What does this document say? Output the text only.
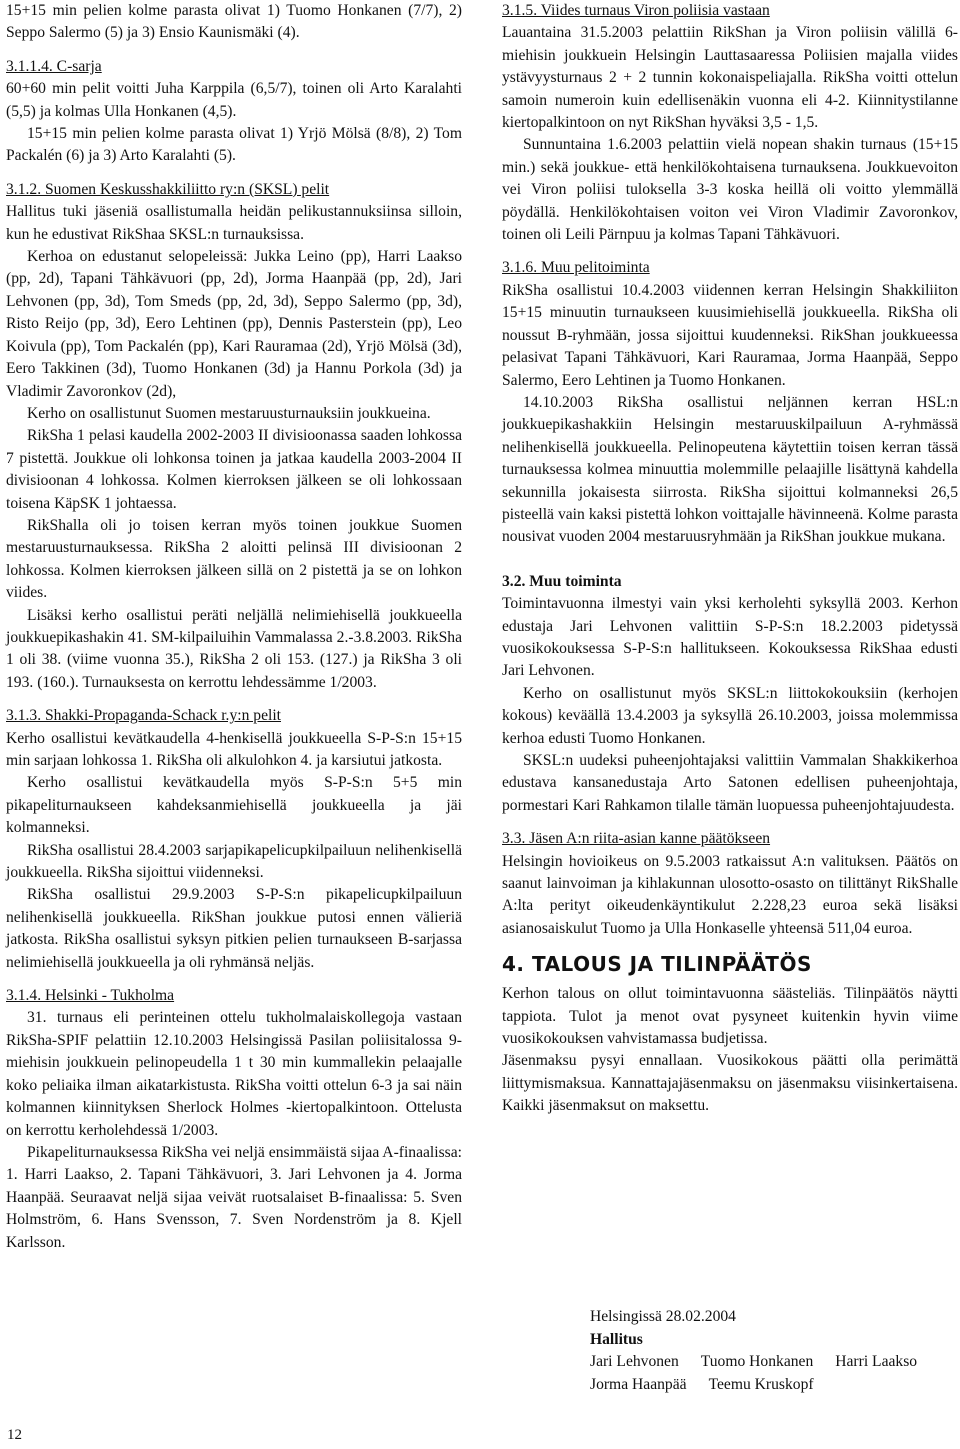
15+15 min pelien kolme parasta olivat 1) Tuomo Honkanen (7/7), 2) Seppo Salermo (5) ja 3) Ensio Kaunismäki (4).

3.1.1.4. C-sarja

60+60 min pelit voitti Juha Karppila (6,5/7), toinen oli Arto Karalahti (5,5) ja kolmas Ulla Honkanen (4,5).

15+15 min pelien kolme parasta olivat 1) Yrjö Mölsä (8/8), 2) Tom Packalén (6) ja 3) Arto Karalahti (5).

3.1.2. Suomen Keskusshakkiliitto ry:n (SKSL) pelit

Hallitus tuki jäseniä osallistumalla heidän pelikustannuksiinsa silloin, kun he edustivat RikShaa SKSL:n turnauksissa.

Kerhoa on edustanut selopeleissä: Jukka Leino (pp), Harri Laakso (pp, 2d), Tapani Tähkävuori (pp, 2d), Jorma Haanpää (pp, 2d), Jari Lehvonen (pp, 3d), Tom Smeds (pp, 2d, 3d), Seppo Salermo (pp, 3d), Risto Reijo (pp, 3d), Eero Lehtinen (pp), Dennis Pasterstein (pp), Leo Koivula (pp), Tom Packalén (pp), Kari Rauramaa (2d), Yrjö Mölsä (3d), Eero Takkinen (3d), Tuomo Honkanen (3d) ja Hannu Porkola (3d) ja Vladimir Zavoronkov (2d),

Kerho on osallistunut Suomen mestaruusturnauksiin joukkueina.

RikSha 1 pelasi kaudella 2002-2003 II divisioonassa saaden lohkossa 7 pistettä. Joukkue oli lohkonsa toinen ja jatkaa kaudella 2003-2004 II divisioonan 4 lohkossa. Kolmen kierroksen jälkeen se oli lohkossaan toisena KäpSK 1 johtaessa.

RikShalla oli jo toisen kerran myös toinen joukkue Suomen mestaruusturnauksessa. RikSha 2 aloitti pelinsä III divisioonan 2 lohkossa. Kolmen kierroksen jälkeen sillä on 2 pistettä ja se on lohkon viides.

Lisäksi kerho osallistui peräti neljällä nelimiehisellä joukkueella joukkuepikashakin 41. SM-kilpailuihin Vammalassa 2.-3.8.2003. RikSha 1 oli 38. (viime vuonna 35.), RikSha 2 oli 153. (127.) ja RikSha 3 oli 193. (160.). Turnauksesta on kerrottu lehdessämme 1/2003.

3.1.3. Shakki-Propaganda-Schack r.y:n pelit

Kerho osallistui kevätkaudella 4-henkisellä joukkueella S-P-S:n 15+15 min sarjaan lohkossa 1. RikSha oli alkulohkon 4. ja karsiutui jatkosta.

Kerho osallistui kevätkaudella myös S-P-S:n 5+5 min pikapeliturnaukseen kahdeksanmiehisellä joukkueella ja jäi kolmanneksi.

RikSha osallistui 28.4.2003 sarjapikapelicupkilpailuun nelihenkisellä joukkueella. RikSha sijoittui viidenneksi.

RikSha osallistui 29.9.2003 S-P-S:n pikapelicupkilpailuun nelihenkisellä joukkueella. RikShan joukkue putosi ennen välieriä jatkosta. RikSha osallistui syksyn pitkien pelien turnaukseen B-sarjassa nelimiehisellä joukkueella ja oli ryhmänsä neljäs.

3.1.4. Helsinki - Tukholma

31. turnaus eli perinteinen ottelu tukholmalaiskollegoja vastaan RikSha-SPIF pelattiin 12.10.2003 Helsingissä Pasilan poliisitalossa 9-miehisin joukkuein pelinopeudella 1 t 30 min kummallekin pelaajalle koko peliaika ilman aikatarkistusta. RikSha voitti ottelun 6-3 ja sai näin kolmannen kiinnityksen Sherlock Holmes -kiertopalkintoon. Ottelusta on kerrottu kerholehdessä 1/2003.

Pikapeliturnauksessa RikSha vei neljä ensimmäistä sijaa A-finaalissa: 1. Harri Laakso, 2. Tapani Tähkävuori, 3. Jari Lehvonen ja 4. Jorma Haanpää. Seuraavat neljä sijaa veivät ruotsalaiset B-finaalissa: 5. Sven Holmström, 6. Hans Svensson, 7. Sven Nordenström ja 8. Kjell Karlsson.

3.1.5. Viides turnaus Viron poliisia vastaan

Lauantaina 31.5.2003 pelattiin RikShan ja Viron poliisin välillä 6-miehisin joukkuein Helsingin Lauttasaaressa Poliisien majalla viides ystävyysturnaus 2 + 2 tunnin kokonaispeliajalla. RikSha voitti ottelun samoin numeroin kuin edellisenäkin vuonna eli 4-2. Kiinnitystilanne kiertopalkintoon on nyt RikShan hyväksi 3,5 - 1,5.

Sunnuntaina 1.6.2003 pelattiin vielä nopean shakin turnaus (15+15 min.) sekä joukkue- että henkilökohtaisena turnauksena. Joukkuevoiton vei Viron poliisi tuloksella 3-3 koska heillä oli voitto ylemmällä pöydällä. Henkilökohtaisen voiton vei Viron Vladimir Zavoronkov, toinen oli Leili Pärnpuu ja kolmas Tapani Tähkävuori.

3.1.6. Muu pelitoiminta

RikSha osallistui 10.4.2003 viidennen kerran Helsingin Shakkiliiton 15+15 minuutin turnaukseen kuusimiehisellä joukkueella. RikSha oli noussut B-ryhmään, jossa sijoittui kuudenneksi. RikShan joukkueessa pelasivat Tapani Tähkävuori, Kari Rauramaa, Jorma Haanpää, Seppo Salermo, Eero Lehtinen ja Tuomo Honkanen.

14.10.2003 RikSha osallistui neljännen kerran HSL:n joukkuepikashakkiin Helsingin mestaruuskilpailuun A-ryhmässä nelihenkisellä joukkueella. Pelinopeutena käytettiin toisen kerran tässä turnauksessa kolmea minuuttia molemmille pelaajille lisättynä kahdella sekunnilla jokaisesta siirrosta. RikSha sijoittui kolmanneksi 26,5 pisteellä vain kaksi pistettä lohkon voittajalle hävinneenä. Kolme parasta nousivat vuoden 2004 mestaruusryhmään ja RikShan joukkue mukana.

3.2. Muu toiminta

Toimintavuonna ilmestyi vain yksi kerholehti syksyllä 2003. Kerhon edustaja Jari Lehvonen valittiin S-P-S:n 18.2.2003 pidetyssä vuosikokouksessa S-P-S:n hallitukseen. Kokouksessa RikShaa edusti Jari Lehvonen.

Kerho on osallistunut myös SKSL:n liittokokouksiin (kerhojen kokous) keväällä 13.4.2003 ja syksyllä 26.10.2003, joissa molemmissa kerhoa edusti Tuomo Honkanen.

SKSL:n uudeksi puheenjohtajaksi valittiin Vammalan Shakkikerhoa edustava kansanedustaja Arto Satonen edellisen puheenjohtaja, pormestari Kari Rahkamon tilalle tämän luopuessa puheenjohtajuudesta.

3.3. Jäsen A:n riita-asian kanne päätökseen

Helsingin hovioikeus on 9.5.2003 ratkaissut A:n valituksen. Päätös on saanut lainvoiman ja kihlakunnan ulosotto-osasto on tilittänyt RikShalle A:lta perityt oikeudenkäyntikulut 2.228,23 euroa sekä lisäksi asianosaiskulut Tuomo ja Ulla Honkaselle yhteensä 511,04 euroa.

4. TALOUS JA TILINPÄÄTÖS

Kerhon talous on ollut toimintavuonna säästeliäs. Tilinpäätös näytti tappiota. Tulot ja menot ovat pysyneet kuitenkin hyvin viime vuosikokouksen vahvistamassa budjetissa.

Jäsenmaksu pysyi ennallaan. Vuosikokous päätti olla perimättä liittymismaksua. Kannattajajäsenmaksu on jäsenmaksu viisinkertaisena. Kaikki jäsenmaksut on maksettu.

Helsingissä 28.02.2004
Hallitus
Jari Lehvonen Tuomo Honkanen Harri Laakso
Jorma Haanpää Teemu Kruskopf
12
